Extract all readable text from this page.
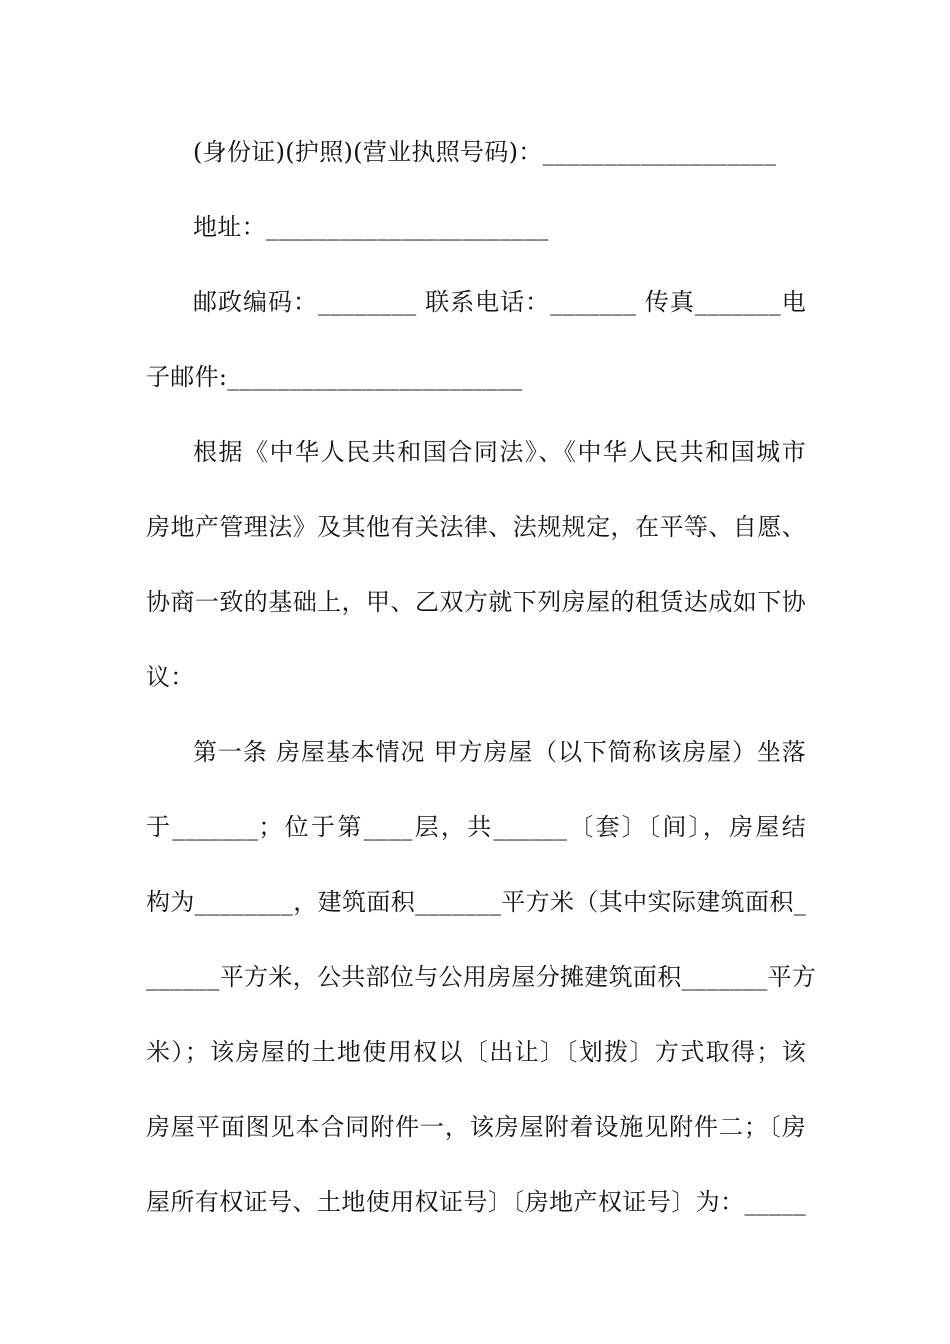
(身份证)(护照)(营业执照号码)：___________________
地址：_______________________
邮政编码：________ 联系电话：_______ 传真_______电
子邮件:________________________
根据《中华人民共和国合同法》、《中华人民共和国城市
房地产管理法》及其他有关法律、法规规定，在平等、自愿、
协商一致的基础上，甲、乙双方就下列房屋的租赁达成如下协
议：
第一条 房屋基本情况 甲方房屋（以下简称该房屋）坐落
于_______；位于第____层，共______〔套〕〔间〕，房屋结
构为________，建筑面积_______平方米（其中实际建筑面积_
______平方米，公共部位与公用房屋分摊建筑面积_______平方
米）；该房屋的土地使用权以〔出让〕〔划拨〕方式取得；该
房屋平面图见本合同附件一，该房屋附着设施见附件二；〔房
屋所有权证号、土地使用权证号〕〔房地产权证号〕为：_____
